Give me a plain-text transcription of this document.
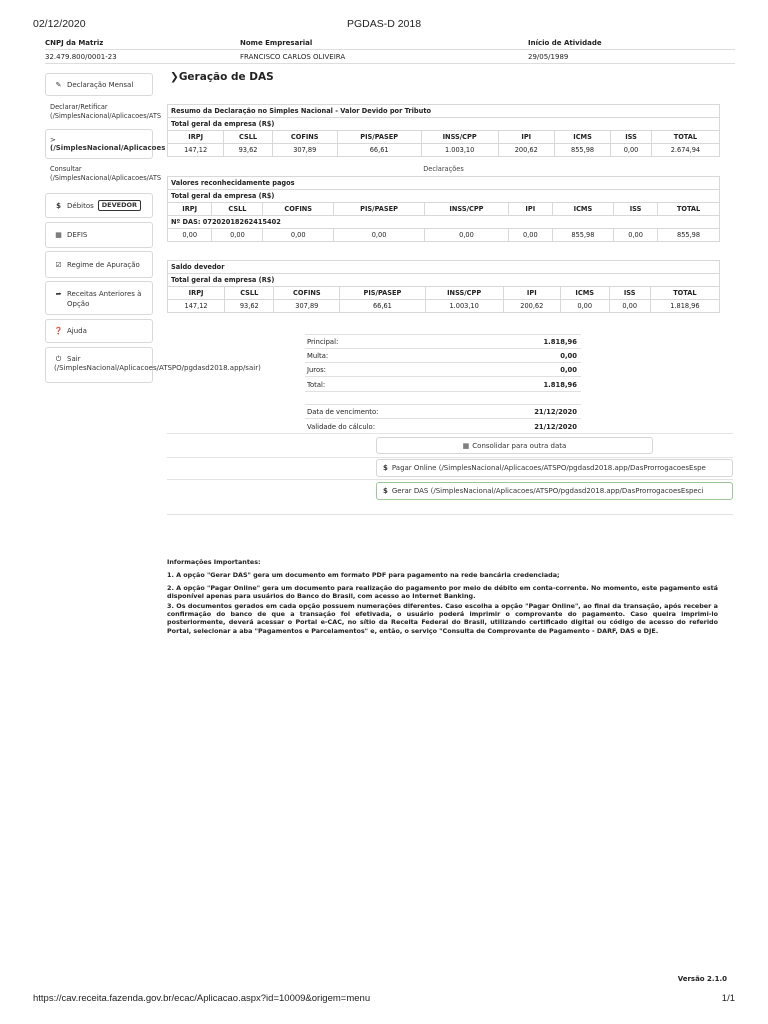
02/12/2020	PGDAS-D 2018
CNPJ da Matriz	Nome Empresarial	Início de Atividade
32.479.800/0001-23	FRANCISCO CARLOS OLIVEIRA	29/05/1989
✎ Declaração Mensal
Declarar/Retificar
(/SimplesNacional/Aplicacoes/ATS
>
(/SimplesNacional/Aplicacoes
Consultar
(/SimplesNacional/Aplicacoes/ATS
$ Débitos	DEVEDOR
▦ DEFIS
☑ Regime de Apuração
➦ Receitas Anteriores à
Opção
❓ Ajuda
⏻ Sair
(/SimplesNacional/Aplicacoes/ATSPO/pgdasd2018.app/sair)
❯Geração de DAS
Resumo da Declaração no Simples Nacional - Valor Devido por Tributo								
Total geral da empresa (R$)								
IRPJ	CSLL	COFINS	PIS/PASEP	INSS/CPP	IPI	ICMS	ISS	TOTAL
147,12	93,62	307,89	66,61	1.003,10	200,62	855,98	0,00	2.674,94
Declarações
Valores reconhecidamente pagos								
Total geral da empresa (R$)								
IRPJ	CSLL	COFINS	PIS/PASEP	INSS/CPP	IPI	ICMS	ISS	TOTAL
Nº DAS: 07202018262415402								
0,00	0,00	0,00	0,00	0,00	0,00	855,98	0,00	855,98
Saldo devedor								
Total geral da empresa (R$)								
IRPJ	CSLL	COFINS	PIS/PASEP	INSS/CPP	IPI	ICMS	ISS	TOTAL
147,12	93,62	307,89	66,61	1.003,10	200,62	0,00	0,00	1.818,96
Principal:	1.818,96
Multa:	0,00
Juros:	0,00
Total:	1.818,96
Data de vencimento:	21/12/2020
Validade do cálculo:	21/12/2020
▦ Consolidar para outra data
$ Pagar Online (/SimplesNacional/Aplicacoes/ATSPO/pgdasd2018.app/DasProrrogacoesEspe
$ Gerar DAS (/SimplesNacional/Aplicacoes/ATSPO/pgdasd2018.app/DasProrrogacoesEspeci

Informações Importantes:

1. A opção "Gerar DAS" gera um documento em formato PDF para pagamento na rede bancária credenciada;

2. A opção "Pagar Online" gera um documento para realização do pagamento por meio de débito em conta-corrente. No momento, este pagamento está disponível apenas para usuários do Banco do Brasil, com acesso ao Internet Banking.

3. Os documentos gerados em cada opção possuem numerações diferentes. Caso escolha a opção "Pagar Online", ao final da transação, após receber a confirmação do banco de que a transação foi efetivada, o usuário poderá imprimir o comprovante do pagamento. Caso queira imprimi-lo posteriormente, deverá acessar o Portal e-CAC, no sítio da Receita Federal do Brasil, utilizando certificado digital ou código de acesso do referido Portal, selecionar a aba "Pagamentos e Parcelamentos" e, então, o serviço "Consulta de Comprovante de Pagamento - DARF, DAS e DJE.

Versão 2.1.0
https://cav.receita.fazenda.gov.br/ecac/Aplicacao.aspx?id=10009&origem=menu	1/1
